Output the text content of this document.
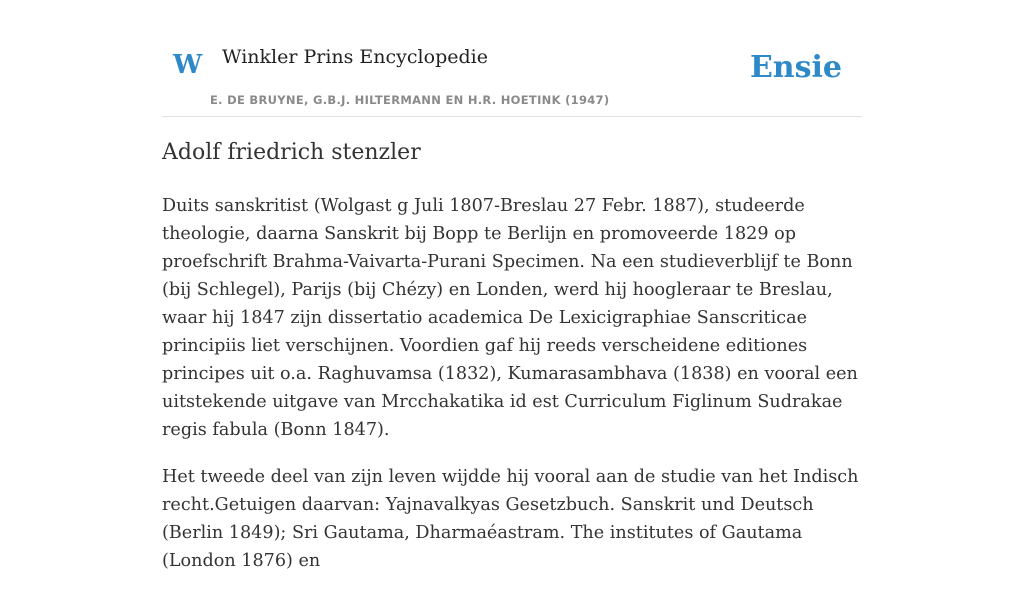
W Winkler Prins Encyclopedie
E. DE BRUYNE, G.B.J. HILTERMANN EN H.R. HOETINK (1947)
Ensie
Adolf friedrich stenzler

Duits sanskritist (Wolgast g Juli 1807-Breslau 27 Febr. 1887), studeerde theologie, daarna Sanskrit bij Bopp te Berlijn en promoveerde 1829 op proefschrift Brahma-Vaivarta-Purani Specimen. Na een studieverblijf te Bonn (bij Schlegel), Parijs (bij Chézy) en Londen, werd hij hoogleraar te Breslau, waar hij 1847 zijn dissertatio academica De Lexicigraphiae Sanscriticae principiis liet verschijnen. Voordien gaf hij reeds verscheidene editiones principes uit o.a. Raghuvamsa (1832), Kumarasambhava (1838) en vooral een uitstekende uitgave van Mrcchakatika id est Curriculum Figlinum Sudrakae regis fabula (Bonn 1847).

Het tweede deel van zijn leven wijdde hij vooral aan de studie van het Indisch recht.Getuigen daarvan: Yajnavalkyas Gesetzbuch. Sanskrit und Deutsch (Berlin 1849); Sri Gautama, Dharmaéastram. The institutes of Gautama (London 1876) en
